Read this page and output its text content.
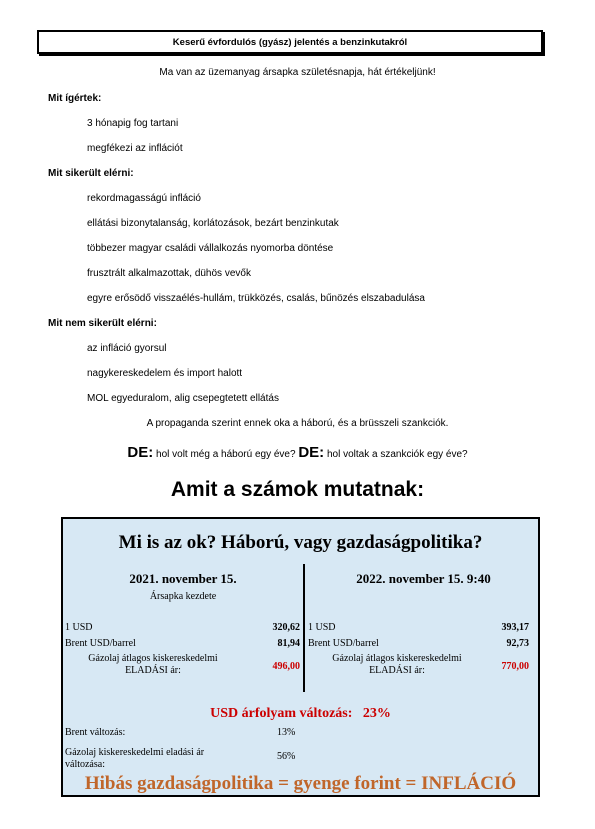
Keserű évfordulós (gyász) jelentés a benzinkutakról
Ma van az üzemanyag ársapka születésnapja, hát értékeljünk!
Mit ígértek:
3 hónapig fog tartani
megfékezi az inflációt
Mit sikerült elérni:
rekordmagasságú infláció
ellátási bizonytalanság, korlátozások, bezárt benzinkutak
többezer magyar családi vállalkozás nyomorba döntése
frusztrált alkalmazottak, dühös vevők
egyre erősödő visszaélés-hullám, trükközés, csalás, bűnözés elszabadulása
Mit nem sikerült elérni:
az infláció gyorsul
nagykereskedelem és import halott
MOL egyeduralom, alig csepegtetett ellátás
A propaganda szerint ennek oka a háború, és a brüsszeli szankciók.
DE: hol volt még a háború egy éve? DE: hol voltak a szankciók egy éve?
Amit a számok mutatnak:
Mi is az ok? Háború, vagy gazdaságpolitika?
2021. november 15.
Ársapka kezdete
1 USD	320,62
Brent USD/barrel	81,94
Gázolaj átlagos kiskereskedelmi
ELADÁSI ár:	496,00
2022. november 15. 9:40
1 USD	393,17
Brent USD/barrel	92,73
Gázolaj átlagos kiskereskedelmi
ELADÁSI ár:	770,00
USD árfolyam változás: 23%
Brent változás:	13%
Gázolaj kiskereskedelmi eladási ár
változása:
56%
Hibás gazdaságpolitika = gyenge forint = INFLÁCIÓ
